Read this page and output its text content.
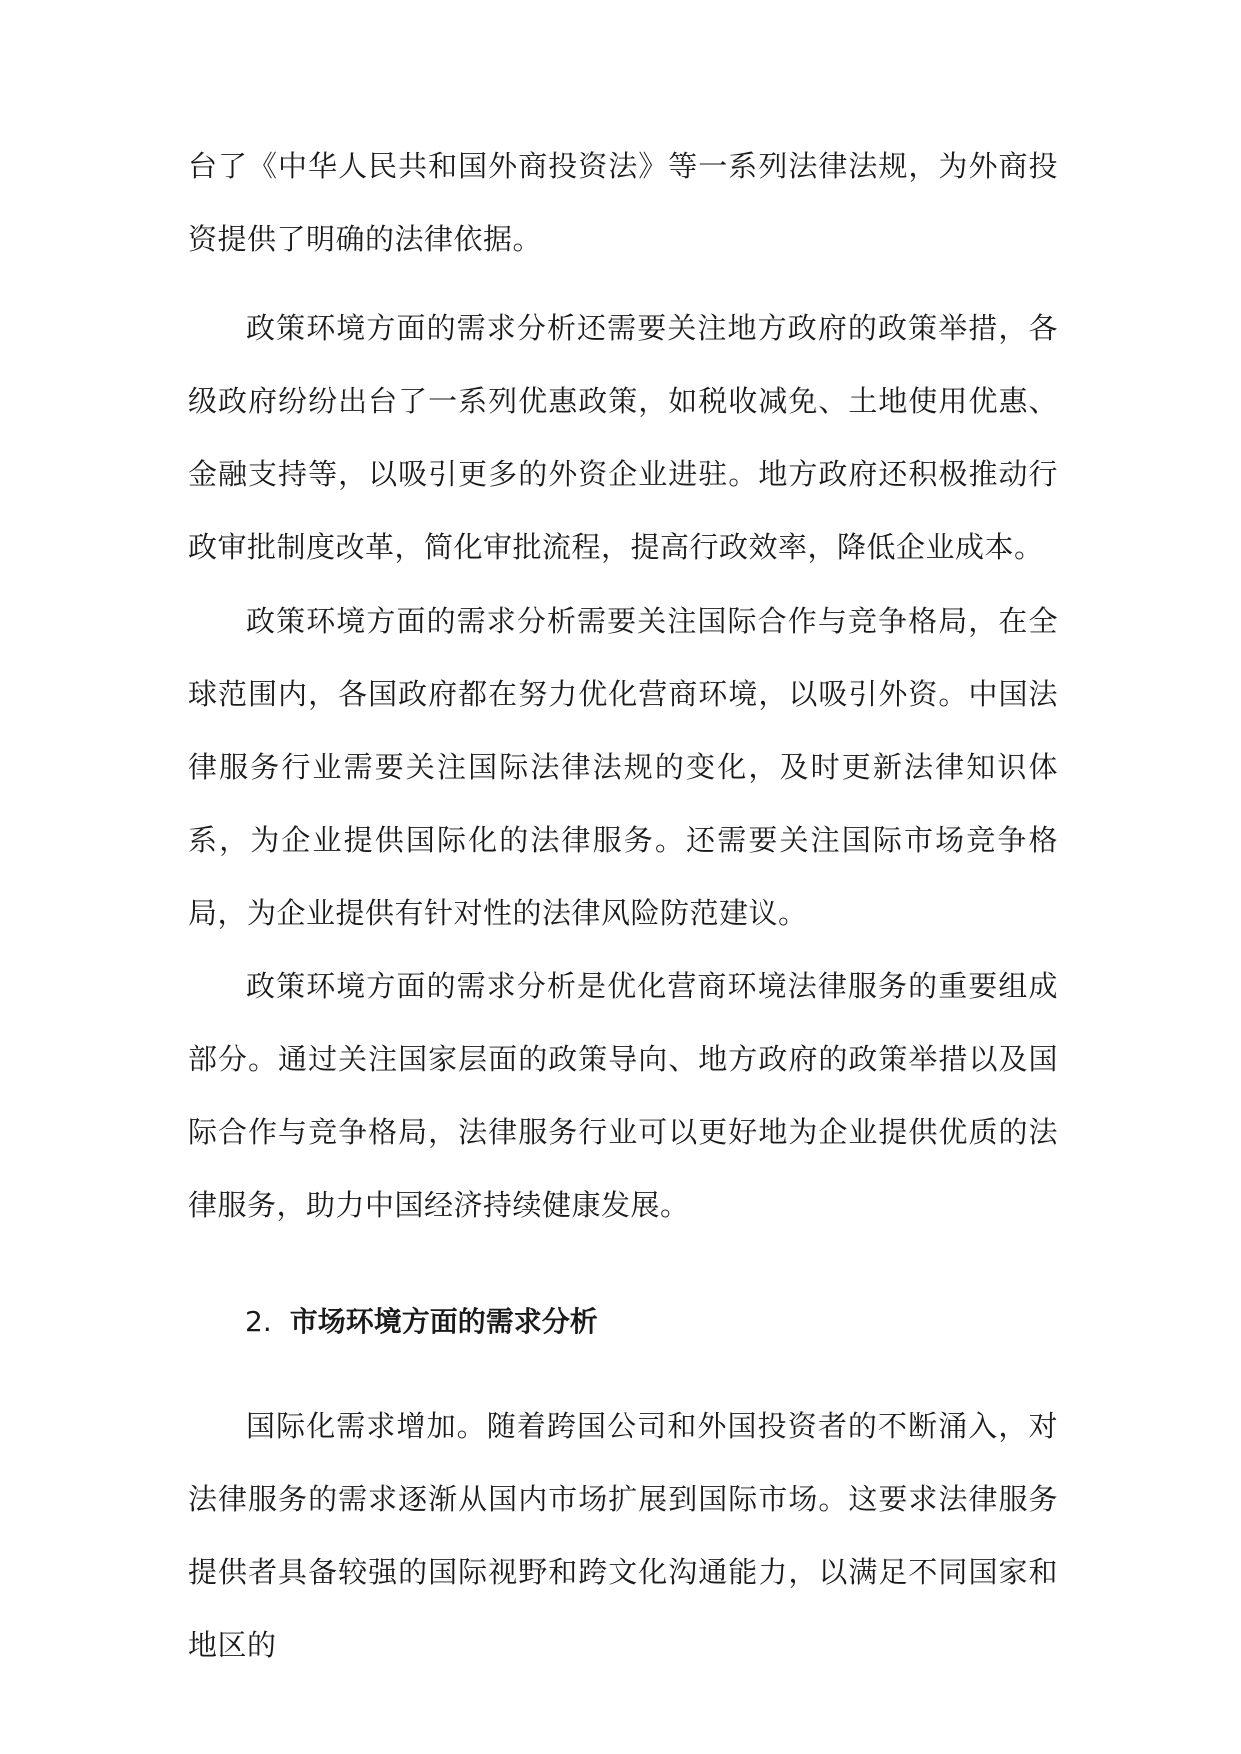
台了《中华人民共和国外商投资法》等一系列法律法规，为外商投资提供了明确的法律依据。

政策环境方面的需求分析还需要关注地方政府的政策举措，各级政府纷纷出台了一系列优惠政策，如税收减免、土地使用优惠、金融支持等，以吸引更多的外资企业进驻。地方政府还积极推动行政审批制度改革，简化审批流程，提高行政效率，降低企业成本。

政策环境方面的需求分析需要关注国际合作与竞争格局，在全球范围内，各国政府都在努力优化营商环境，以吸引外资。中国法律服务行业需要关注国际法律法规的变化，及时更新法律知识体系，为企业提供国际化的法律服务。还需要关注国际市场竞争格局，为企业提供有针对性的法律风险防范建议。

政策环境方面的需求分析是优化营商环境法律服务的重要组成部分。通过关注国家层面的政策导向、地方政府的政策举措以及国际合作与竞争格局，法律服务行业可以更好地为企业提供优质的法律服务，助力中国经济持续健康发展。

2. 市场环境方面的需求分析

国际化需求增加。随着跨国公司和外国投资者的不断涌入，对法律服务的需求逐渐从国内市场扩展到国际市场。这要求法律服务提供者具备较强的国际视野和跨文化沟通能力，以满足不同国家和地区的
